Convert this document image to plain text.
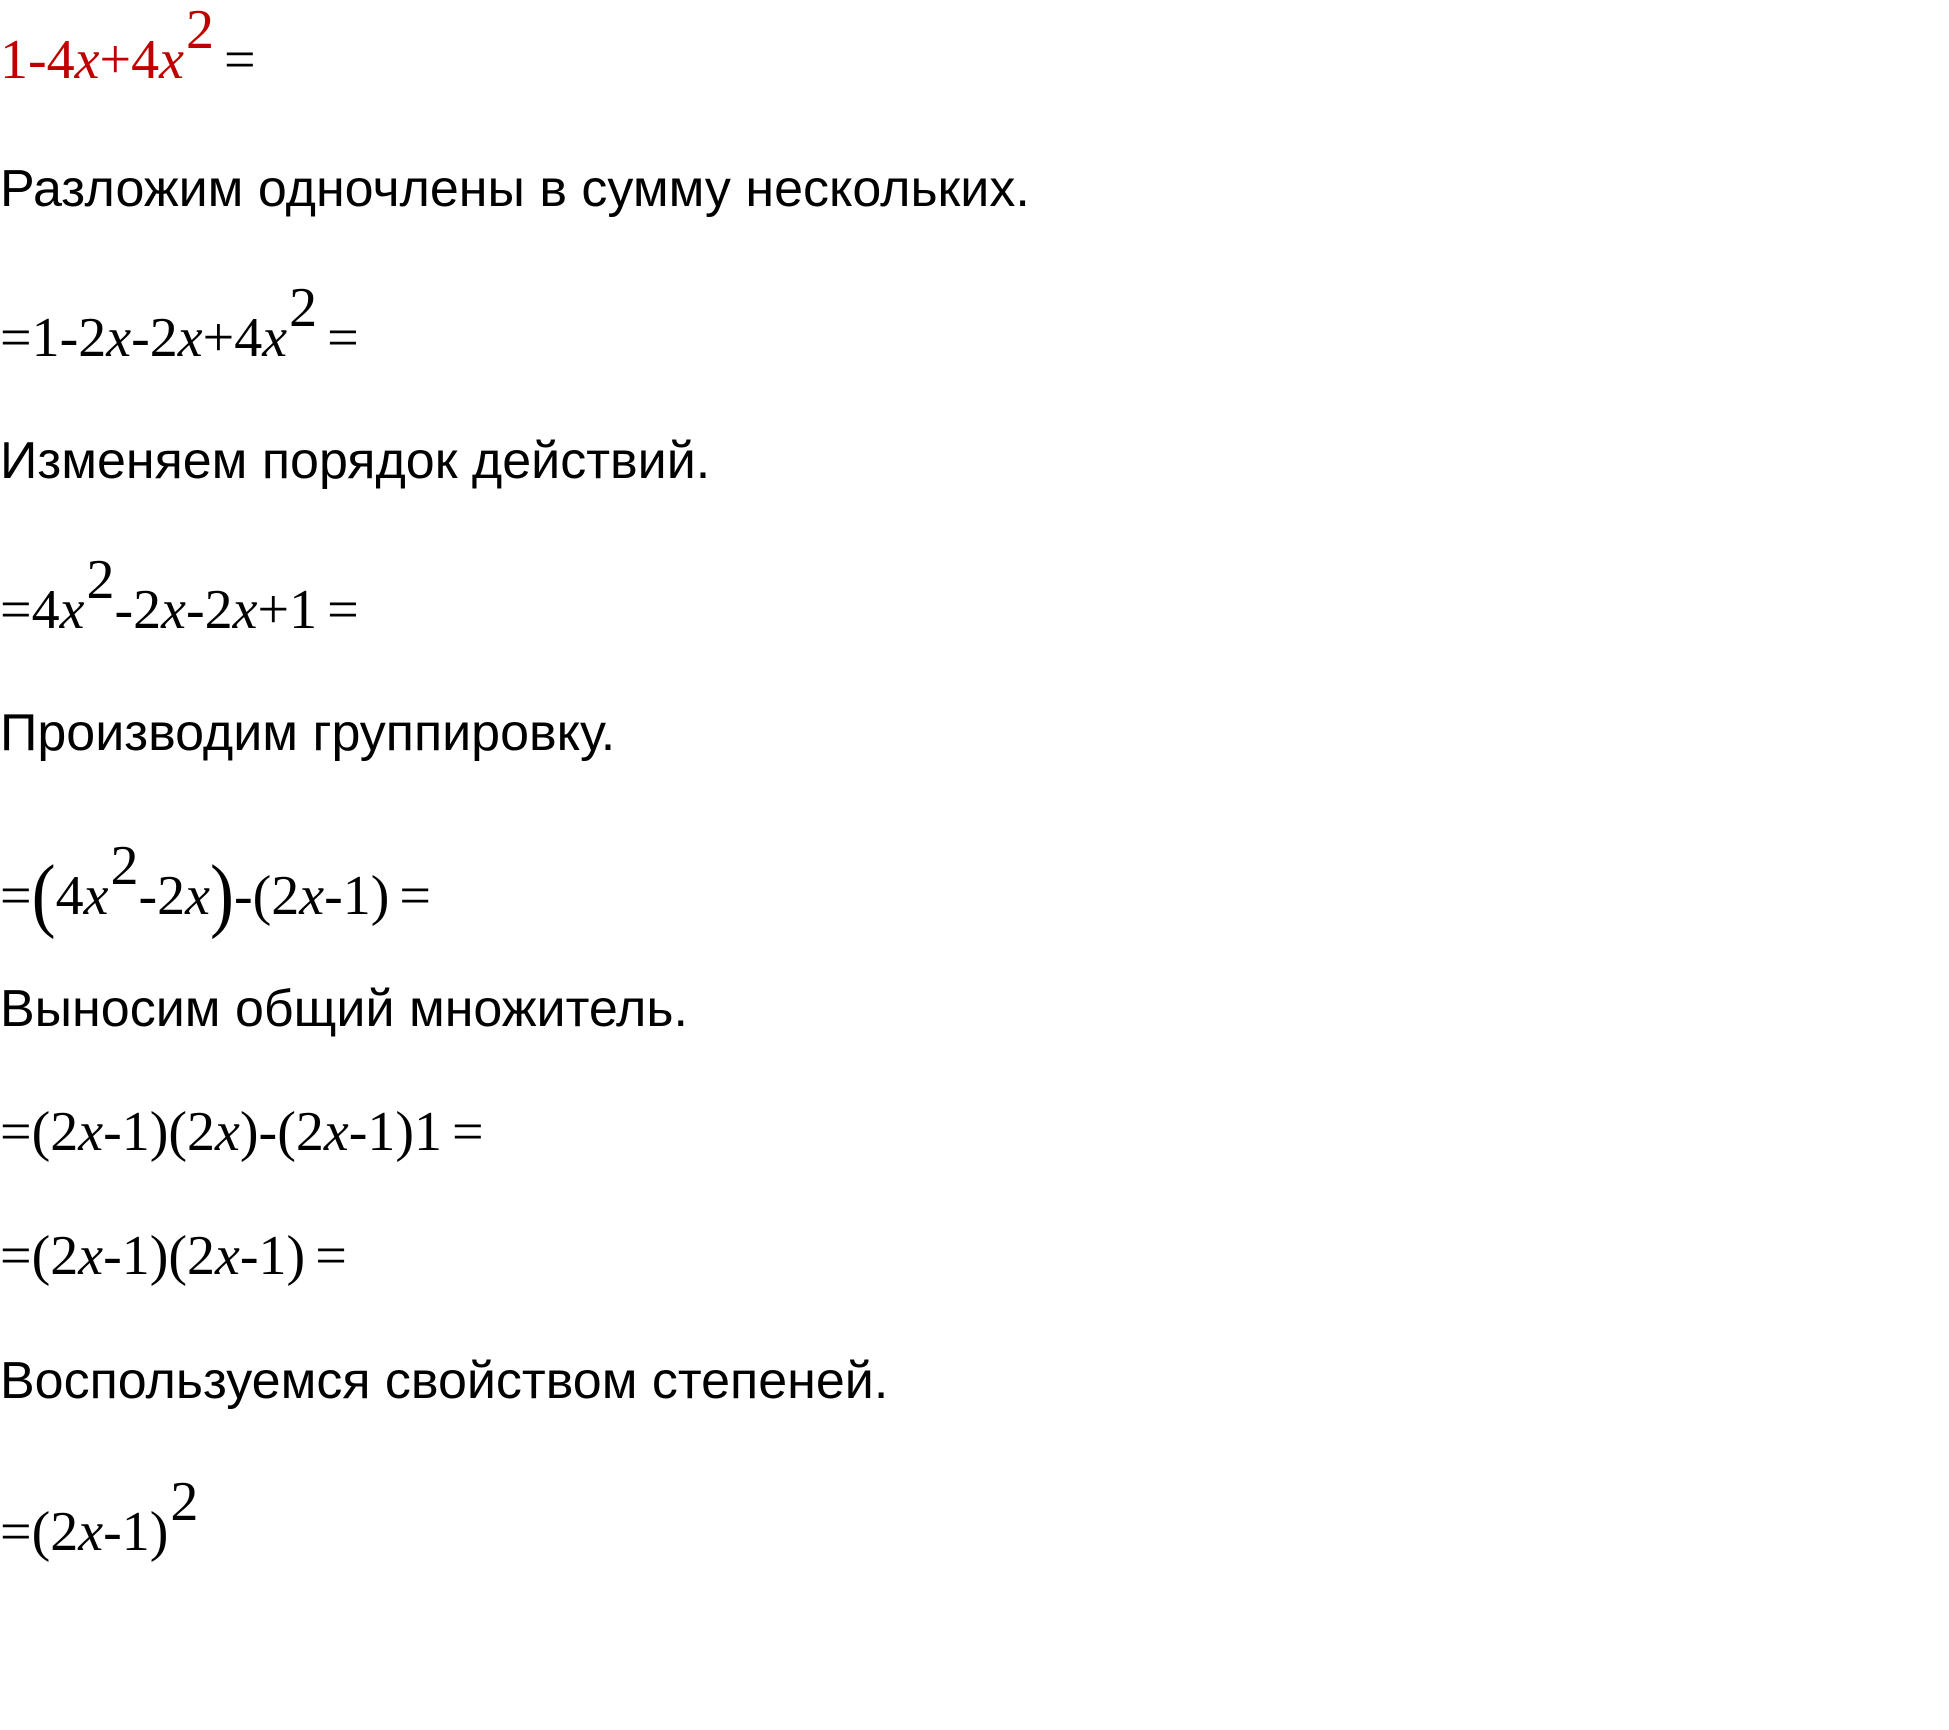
1-4x+4x2 =
Разложим одночлены в сумму нескольких.
=1-2x-2x+4x2 =
Изменяем порядок действий.
=4x2-2x-2x+1 =
Производим группировку.
=(4x2-2x)-(2x-1) =
Выносим общий множитель.
=(2x-1)(2x)-(2x-1)1 =
=(2x-1)(2x-1) =
Воспользуемся свойством степеней.
=(2x-1)2
